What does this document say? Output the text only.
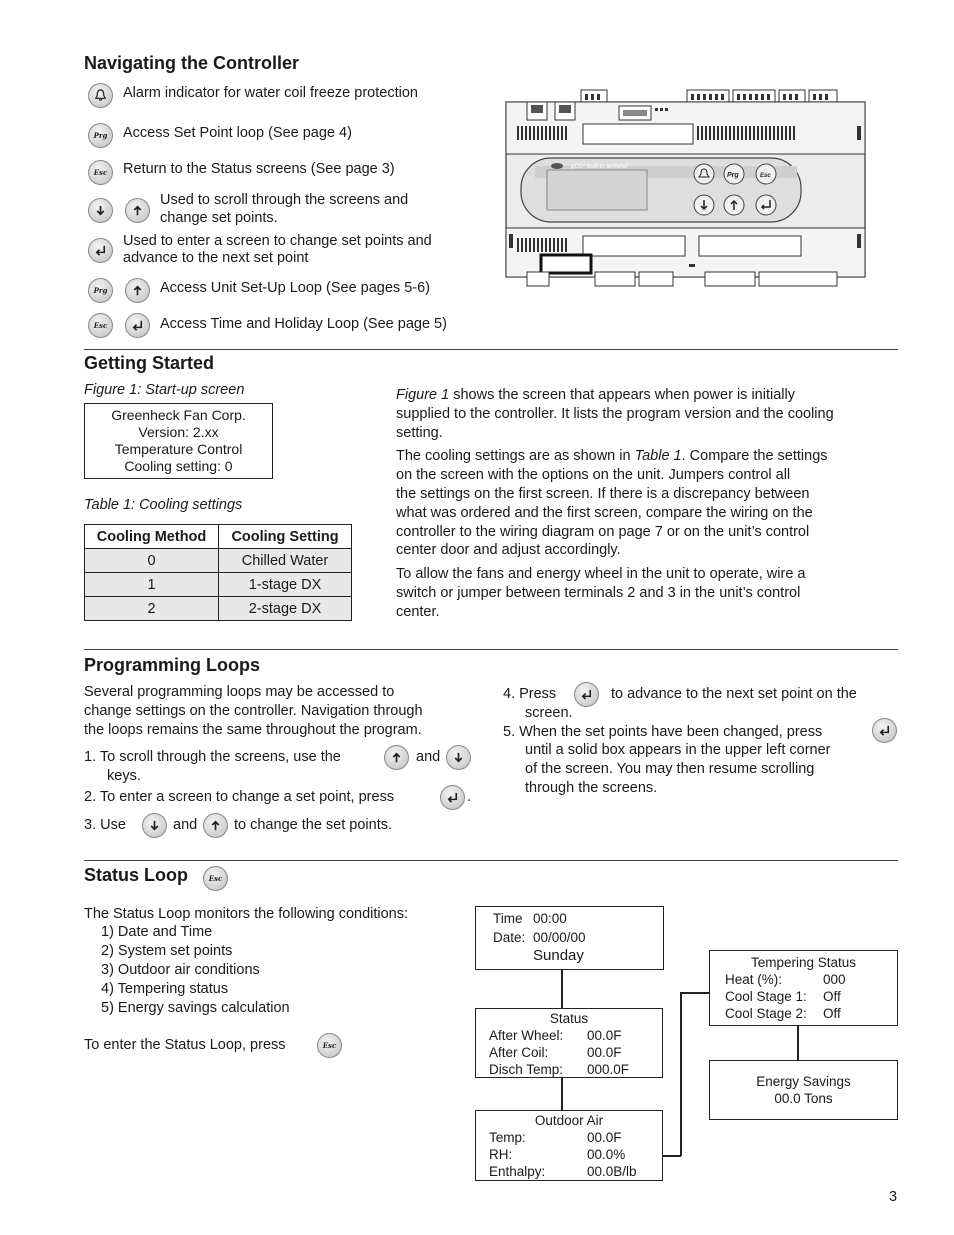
Navigating the Controller
Alarm indicator for water coil freeze protection
Prg Access Set Point loop (See page 4)
Esc Return to the Status screens (See page 3)
Used to scroll through the screens and
change set points.
Used to enter a screen to change set points and
advance to the next set point
Prg	Access Unit Set-Up Loop (See pages 5-6)
Esc	Access Time and Holiday Loop (See page 5)
pCO³ built-in terminal
Prg	Esc
Getting Started
Figure 1: Start-up screen
Greenheck Fan Corp.
Version: 2.xx
Temperature Control
Cooling setting: 0
Table 1: Cooling settings
Cooling Method	Cooling Setting
0	Chilled Water
1	1-stage DX
2	2-stage DX
Figure 1 shows the screen that appears when power is initially
supplied to the controller. It lists the program version and the cooling
setting.
The cooling settings are as shown in Table 1. Compare the settings
on the screen with the options on the unit. Jumpers control all
the settings on the first screen. If there is a discrepancy between
what was ordered and the first screen, compare the wiring on the
controller to the wiring diagram on page 7 or on the unit’s control
center door and adjust accordingly.
To allow the fans and energy wheel in the unit to operate, wire a
switch or jumper between terminals 2 and 3 in the unit’s control
center.
Programming Loops
Several programming loops may be accessed to
change settings on the controller. Navigation through
the loops remains the same throughout the program.
1. To scroll through the screens, use the	and
keys.
2. To enter a screen to change a set point, press	.
3. Use	and	to change the set points.
4. Press	to advance to the next set point on the
screen.
5. When the set points have been changed, press
until a solid box appears in the upper left corner
of the screen. You may then resume scrolling
through the screens.
Status Loop	Esc
The Status Loop monitors the following conditions:
1) Date and Time
2) System set points
3) Outdoor air conditions
4) Tempering status
5) Energy savings calculation
To enter the Status Loop, press	Esc
Time 00:00
Date: 00/00/00
Sunday
Status
After Wheel:	00.0F
After Coil:	00.0F
Disch Temp:	000.0F
Outdoor Air
Temp:	00.0F
RH:	00.0%
Enthalpy:	00.0B/lb
Tempering Status
Heat (%):	000
Cool Stage 1:	Off
Cool Stage 2:	Off
Energy Savings
00.0 Tons
3
